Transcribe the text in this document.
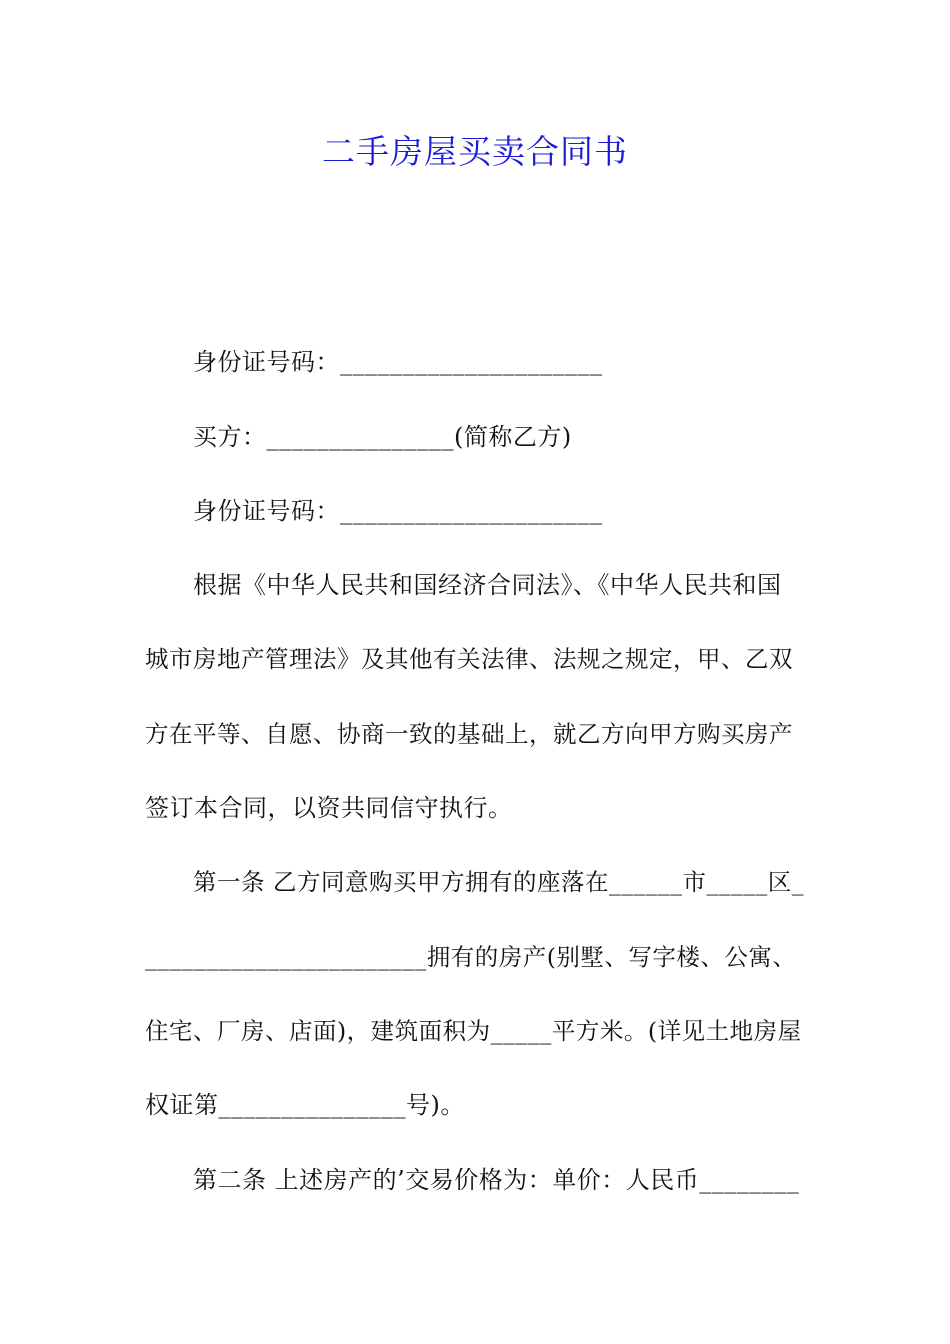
二手房屋买卖合同书
身份证号码：_____________________
买方：_______________(简称乙方)
身份证号码：_____________________
根据《中华人民共和国经济合同法》、《中华人民共和国
城市房地产管理法》及其他有关法律、法规之规定，甲、乙双
方在平等、自愿、协商一致的基础上，就乙方向甲方购买房产
签订本合同，以资共同信守执行。
第一条 乙方同意购买甲方拥有的座落在______市_____区_
_______________________拥有的房产(别墅、写字楼、公寓、
住宅、厂房、店面)，建筑面积为_____平方米。(详见土地房屋
权证第_______________号)。
第二条 上述房产的’交易价格为：单价：人民币________
